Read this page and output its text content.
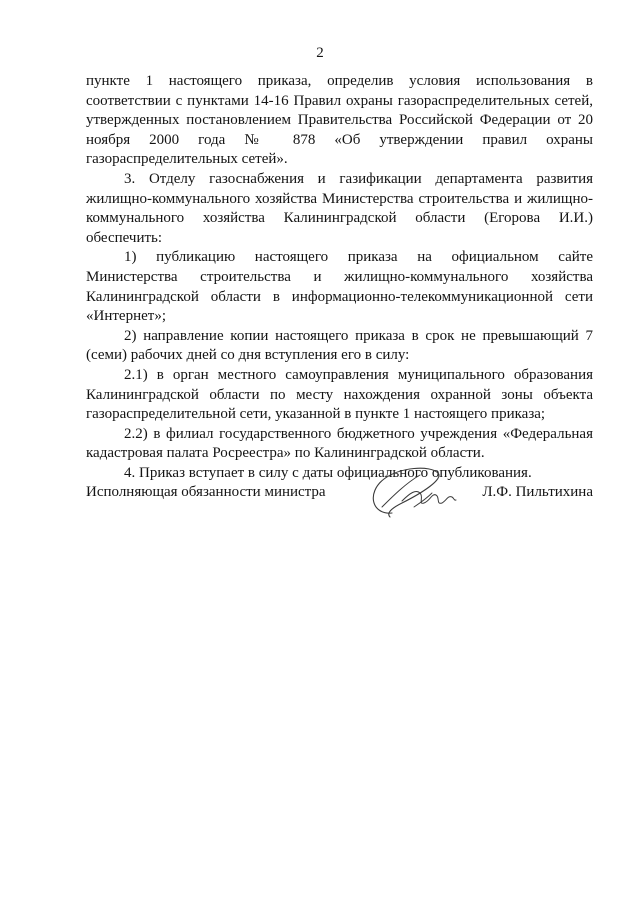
2

пункте 1 настоящего приказа, определив условия использования в соответствии с пунктами 14-16 Правил охраны газораспределительных сетей, утвержденных постановлением Правительства Российской Федерации от 20 ноября 2000 года № 878 «Об утверждении правил охраны газораспределительных сетей».

3. Отделу газоснабжения и газификации департамента развития жилищно-коммунального хозяйства Министерства строительства и жилищно-коммунального хозяйства Калининградской области (Егорова И.И.) обеспечить:

1) публикацию настоящего приказа на официальном сайте Министерства строительства и жилищно-коммунального хозяйства Калининградской области в информационно-телекоммуникационной сети «Интернет»;

2) направление копии настоящего приказа в срок не превышающий 7 (семи) рабочих дней со дня вступления его в силу:

2.1) в орган местного самоуправления муниципального образования Калининградской области по месту нахождения охранной зоны объекта газораспределительной сети, указанной в пункте 1 настоящего приказа;

2.2) в филиал государственного бюджетного учреждения «Федеральная кадастровая палата Росреестра» по Калининградской области.

4. Приказ вступает в силу с даты официального опубликования.

Исполняющая обязанности министра	Л.Ф. Пильтихина
